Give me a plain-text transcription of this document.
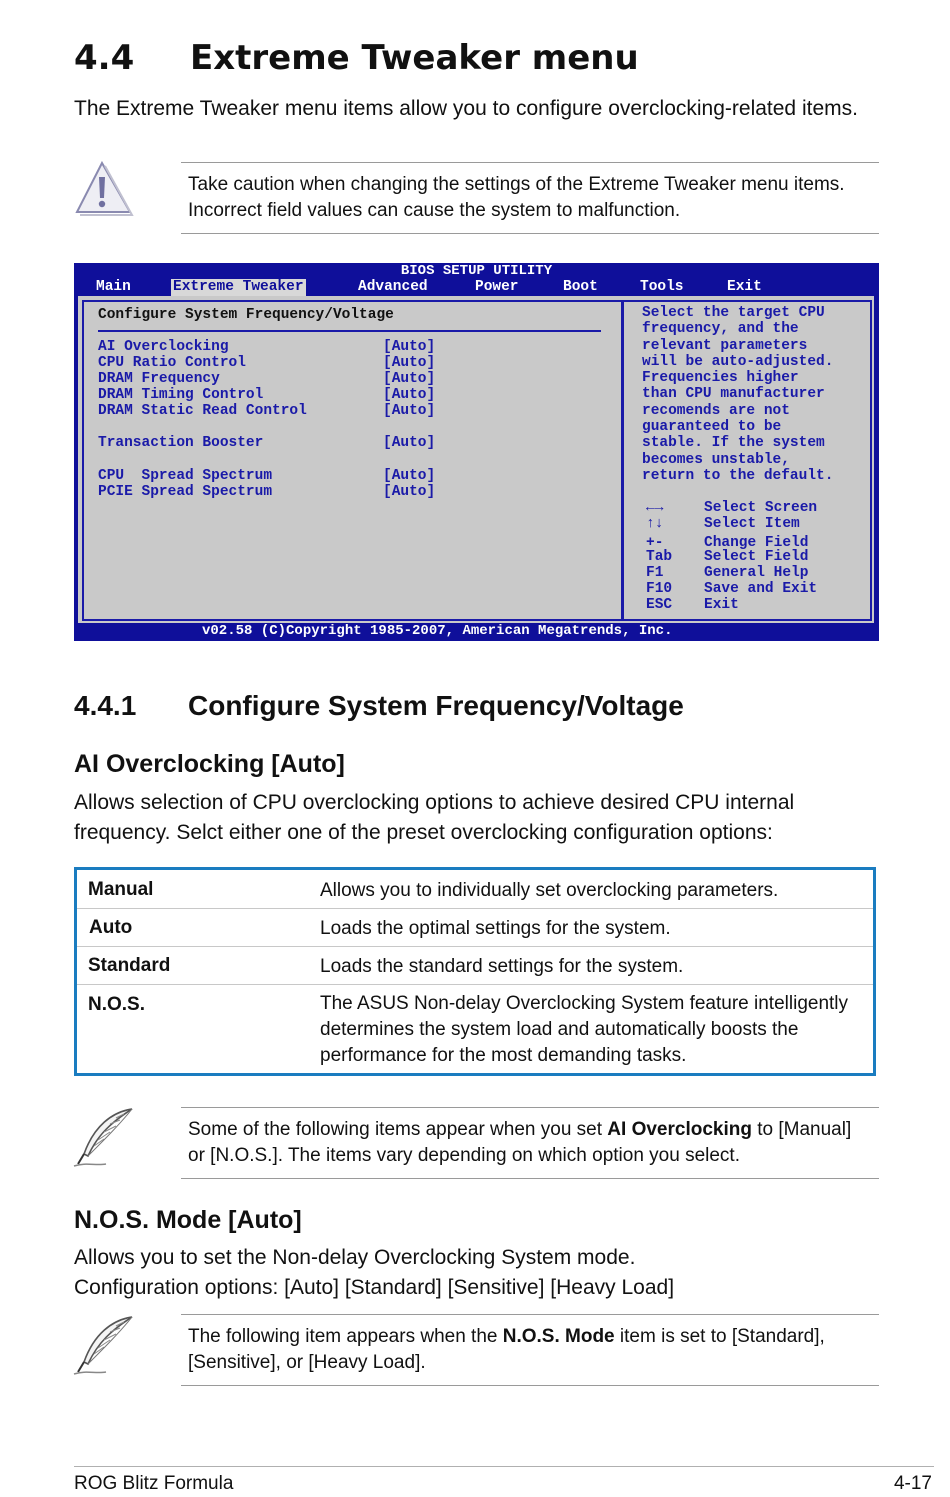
4.4 Extreme Tweaker menu
The Extreme Tweaker menu items allow you to configure overclocking-related items.
Take caution when changing the settings of the Extreme Tweaker menu items. Incorrect field values can cause the system to malfunction.
BIOS SETUP UTILITY
Main	Extreme Tweaker	Advanced	Power	Boot	Tools	Exit
Configure System Frequency/Voltage
AI Overclocking	[Auto]
CPU Ratio Control	[Auto]
DRAM Frequency	[Auto]
DRAM Timing Control	[Auto]
DRAM Static Read Control	[Auto]
Transaction Booster	[Auto]
CPU  Spread Spectrum	[Auto]
PCIE Spread Spectrum	[Auto]
Select the target CPU
frequency, and the
relevant parameters
will be auto-adjusted.
Frequencies higher
than CPU manufacturer
recomends are not
guaranteed to be
stable. If the system
becomes unstable,
return to the default.
←→	Select Screen
↑↓	Select Item
+-	Change Field
Tab Select Field
F1	General Help
F10 Save and Exit
ESC Exit
v02.58 (C)Copyright 1985-2007, American Megatrends, Inc.
4.4.1 Configure System Frequency/Voltage
AI Overclocking [Auto]
Allows selection of CPU overclocking options to achieve desired CPU internal frequency. Selct either one of the preset overclocking configuration options:
Manual	Allows you to individually set overclocking parameters.
Auto	Loads the optimal settings for the system.
Standard	Loads the standard settings for the system.
N.O.S.	The ASUS Non-delay Overclocking System feature intelligently determines the system load and automatically boosts the performance for the most demanding tasks.
Some of the following items appear when you set AI Overclocking to [Manual] or [N.O.S.]. The items vary depending on which option you select.
N.O.S. Mode [Auto]
Allows you to set the Non-delay Overclocking System mode.
Configuration options: [Auto] [Standard] [Sensitive] [Heavy Load]
The following item appears when the N.O.S. Mode item is set to [Standard], [Sensitive], or [Heavy Load].
ROG Blitz Formula	4-17
